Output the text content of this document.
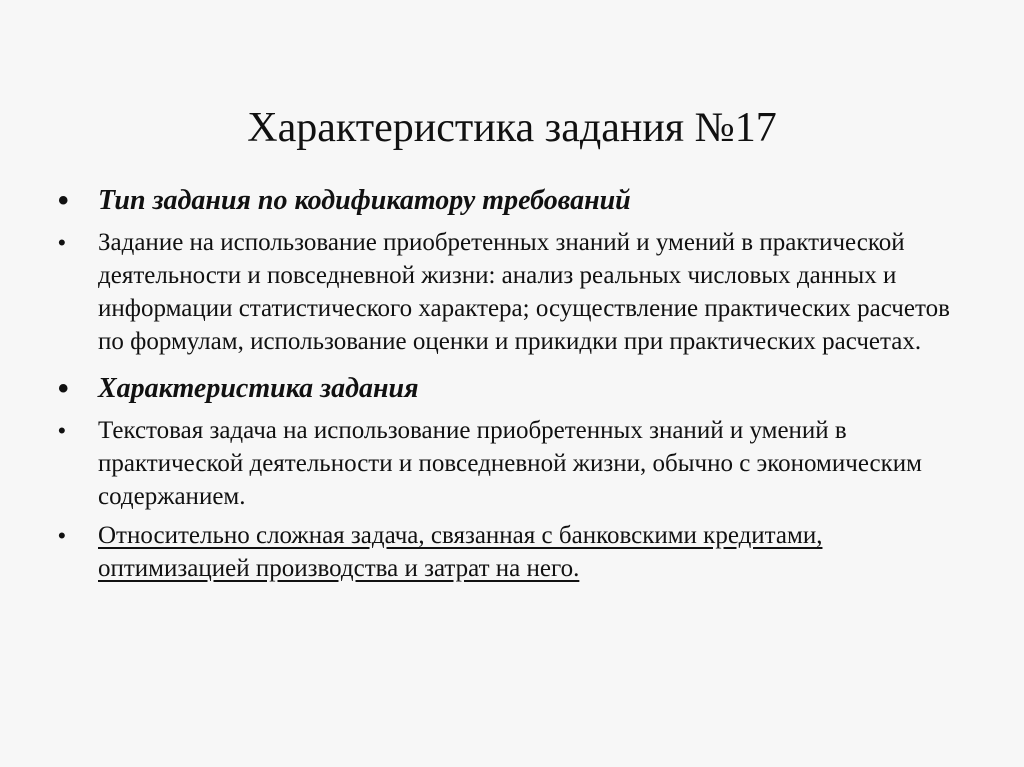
Характеристика задания №17
• Тип задания по кодификатору требований
• Задание на использование приобретенных знаний и умений в практической деятельности и повседневной жизни: анализ реальных числовых данных и информации статистического характера; осуществление практических расчетов по формулам, использование оценки и прикидки при практических расчетах.
• Характеристика задания
• Текстовая задача на использование приобретенных знаний и умений в практической деятельности и повседневной жизни, обычно с экономическим содержанием.
• Относительно сложная задача, связанная с банковскими кредитами, оптимизацией производства и затрат на него.
